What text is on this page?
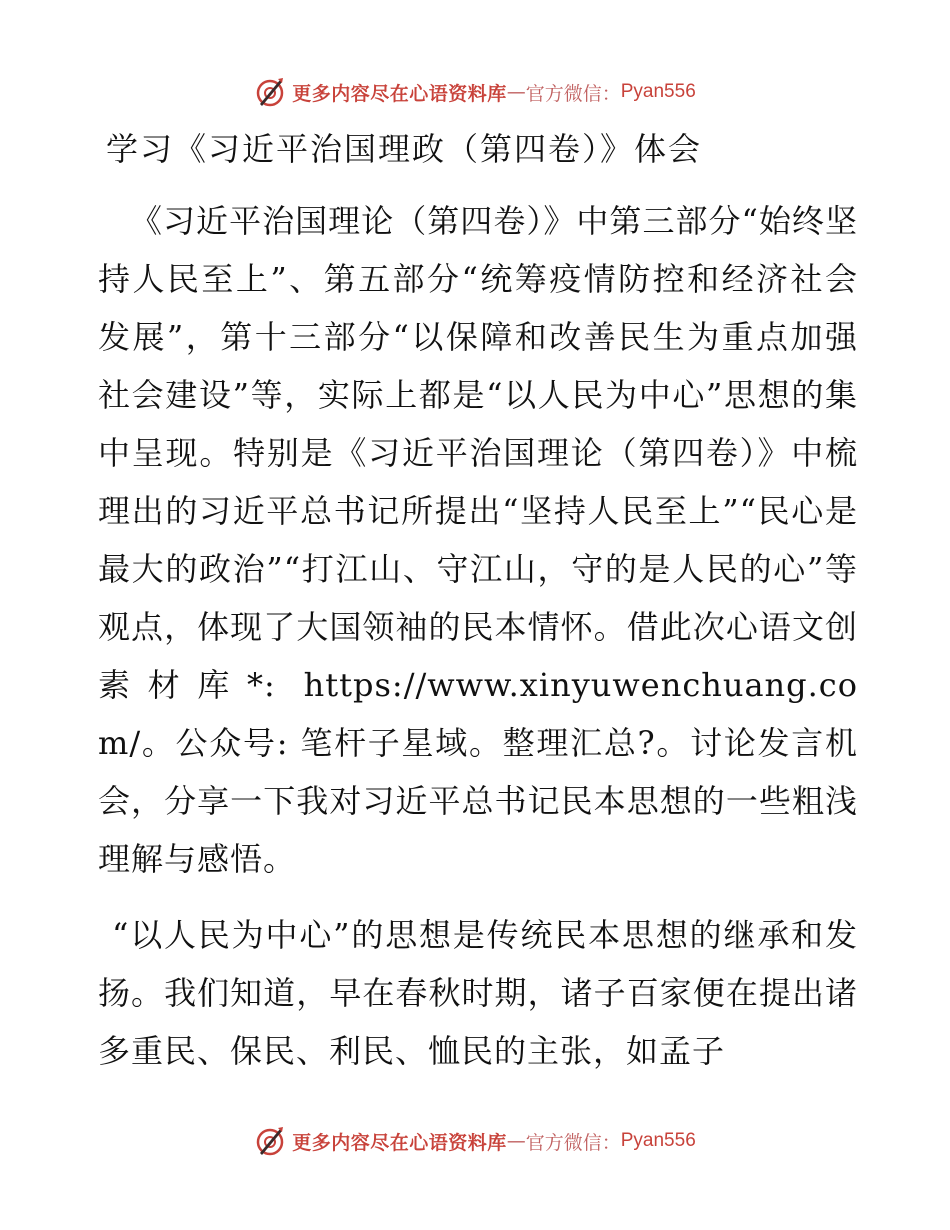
更多内容尽在心语资料库 — 官方微信： Pyan556
学习《习近平治国理政（第四卷）》体会

《习近平治国理论（第四卷）》中第三部分“始终坚持人民至上”、第五部分“统筹疫情防控和经济社会发展”，第十三部分“以保障和改善民生为重点加强社会建设”等，实际上都是“以人民为中心”思想的集中呈现。特别是《习近平治国理论（第四卷）》中梳理出的习近平总书记所提出“坚持人民至上”“民心是最大的政治”“打江山、守江山，守的是人民的心”等观点，体现了大国领袖的民本情怀。借此次心语文创素材库*: https://www.xinyuwenchuang.com/。公众号: 笔杆子星域。整理汇总?。讨论发言机会，分享一下我对习近平总书记民本思想的一些粗浅理解与感悟。

“以人民为中心”的思想是传统民本思想的继承和发扬。我们知道，早在春秋时期，诸子百家便在提出诸多重民、保民、利民、恤民的主张，如孟子

更多内容尽在心语资料库 — 官方微信： Pyan556
